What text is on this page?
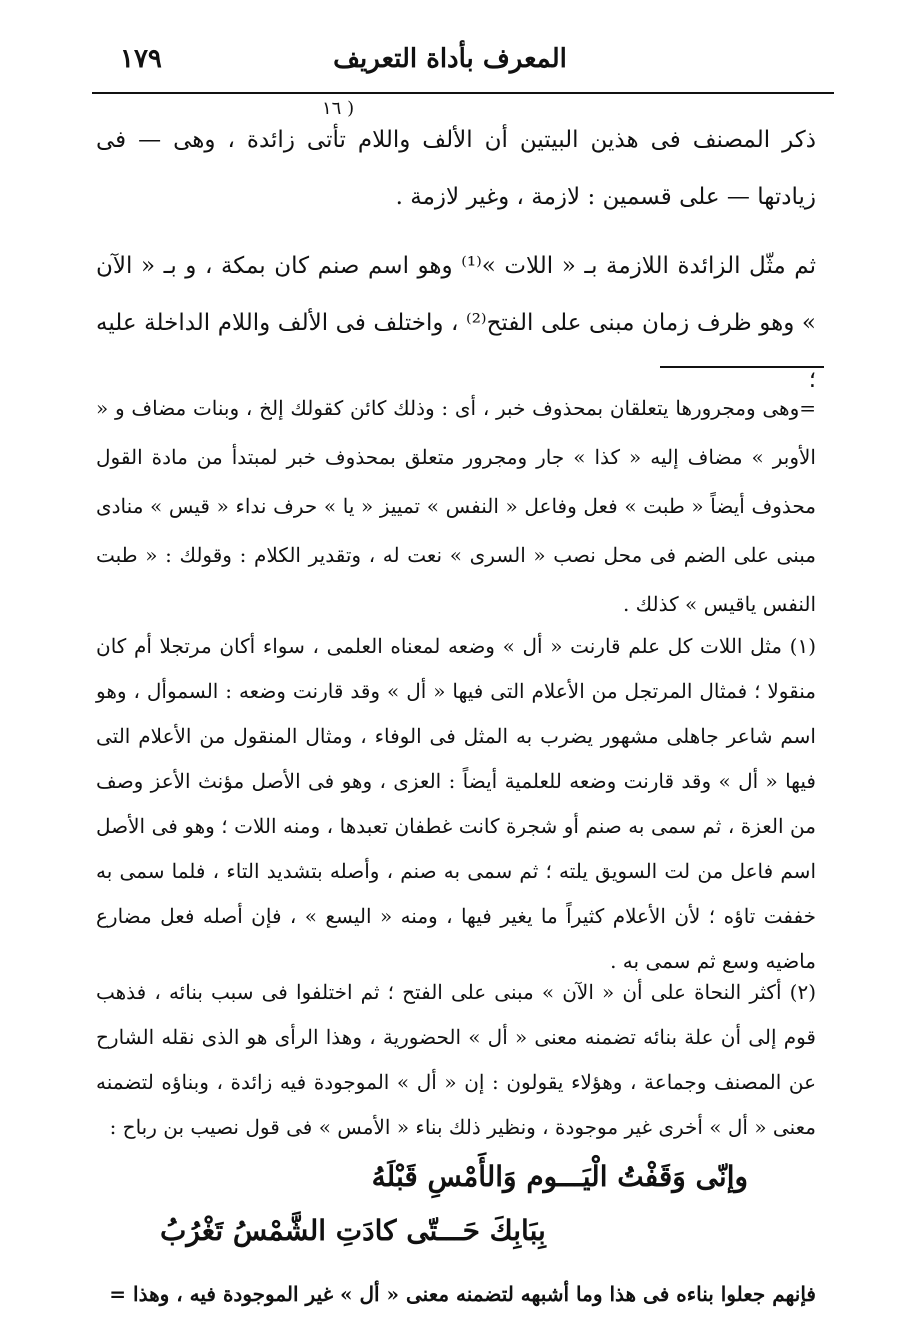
المعرف بأداة التعريف
١٧٩
( ١٦
ذكر المصنف فى هذين البيتين أن الألف واللام تأتى زائدة ، وهى — فى زيادتها — على قسمين : لازمة ، وغير لازمة .
ثم مثّل الزائدة اللازمة بـ « اللات »⁽¹⁾ وهو اسم صنم كان بمكة ، و بـ « الآن » وهو ظرف زمان مبنى على الفتح⁽²⁾ ، واختلف فى الألف واللام الداخلة عليه ؛
=وهى ومجرورها يتعلقان بمحذوف خبر ، أى : وذلك كائن كقولك إلخ ، وبنات مضاف و « الأوبر » مضاف إليه « كذا » جار ومجرور متعلق بمحذوف خبر لمبتدأ من مادة القول محذوف أيضاً « طبت » فعل وفاعل « النفس » تمييز « يا » حرف نداء « قيس » منادى مبنى على الضم فى محل نصب « السرى » نعت له ، وتقدير الكلام : وقولك : « طبت النفس ياقيس » كذلك .
(١) مثل اللات كل علم قارنت « أل » وضعه لمعناه العلمى ، سواء أكان مرتجلا أم كان منقولا ؛ فمثال المرتجل من الأعلام التى فيها « أل » وقد قارنت وضعه : السموأل ، وهو اسم شاعر جاهلى مشهور يضرب به المثل فى الوفاء ، ومثال المنقول من الأعلام التى فيها « أل » وقد قارنت وضعه للعلمية أيضاً : العزى ، وهو فى الأصل مؤنث الأعز وصف من العزة ، ثم سمى به صنم أو شجرة كانت غطفان تعبدها ، ومنه اللات ؛ وهو فى الأصل اسم فاعل من لت السويق يلته ؛ ثم سمى به صنم ، وأصله بتشديد التاء ، فلما سمى به خففت تاؤه ؛ لأن الأعلام كثيراً ما يغير فيها ، ومنه « اليسع » ، فإن أصله فعل مضارع ماضيه وسع ثم سمى به .
(٢) أكثر النحاة على أن « الآن » مبنى على الفتح ؛ ثم اختلفوا فى سبب بنائه ، فذهب قوم إلى أن علة بنائه تضمنه معنى « أل » الحضورية ، وهذا الرأى هو الذى نقله الشارح عن المصنف وجماعة ، وهؤلاء يقولون : إن « أل » الموجودة فيه زائدة ، وبناؤه لتضمنه معنى « أل » أخرى غير موجودة ، ونظير ذلك بناء « الأمس » فى قول نصيب بن رباح :
وإنّى وَقَفْتُ الْيَـــوم وَالأَمْسِ قَبْلَهُ
بِبَابِكَ حَـــتّى كادَتِ الشَّمْسُ تَغْرُبُ
فإنهم جعلوا بناءه فى هذا وما أشبهه لتضمنه معنى « أل » غير الموجودة فيه ، وهذا =
